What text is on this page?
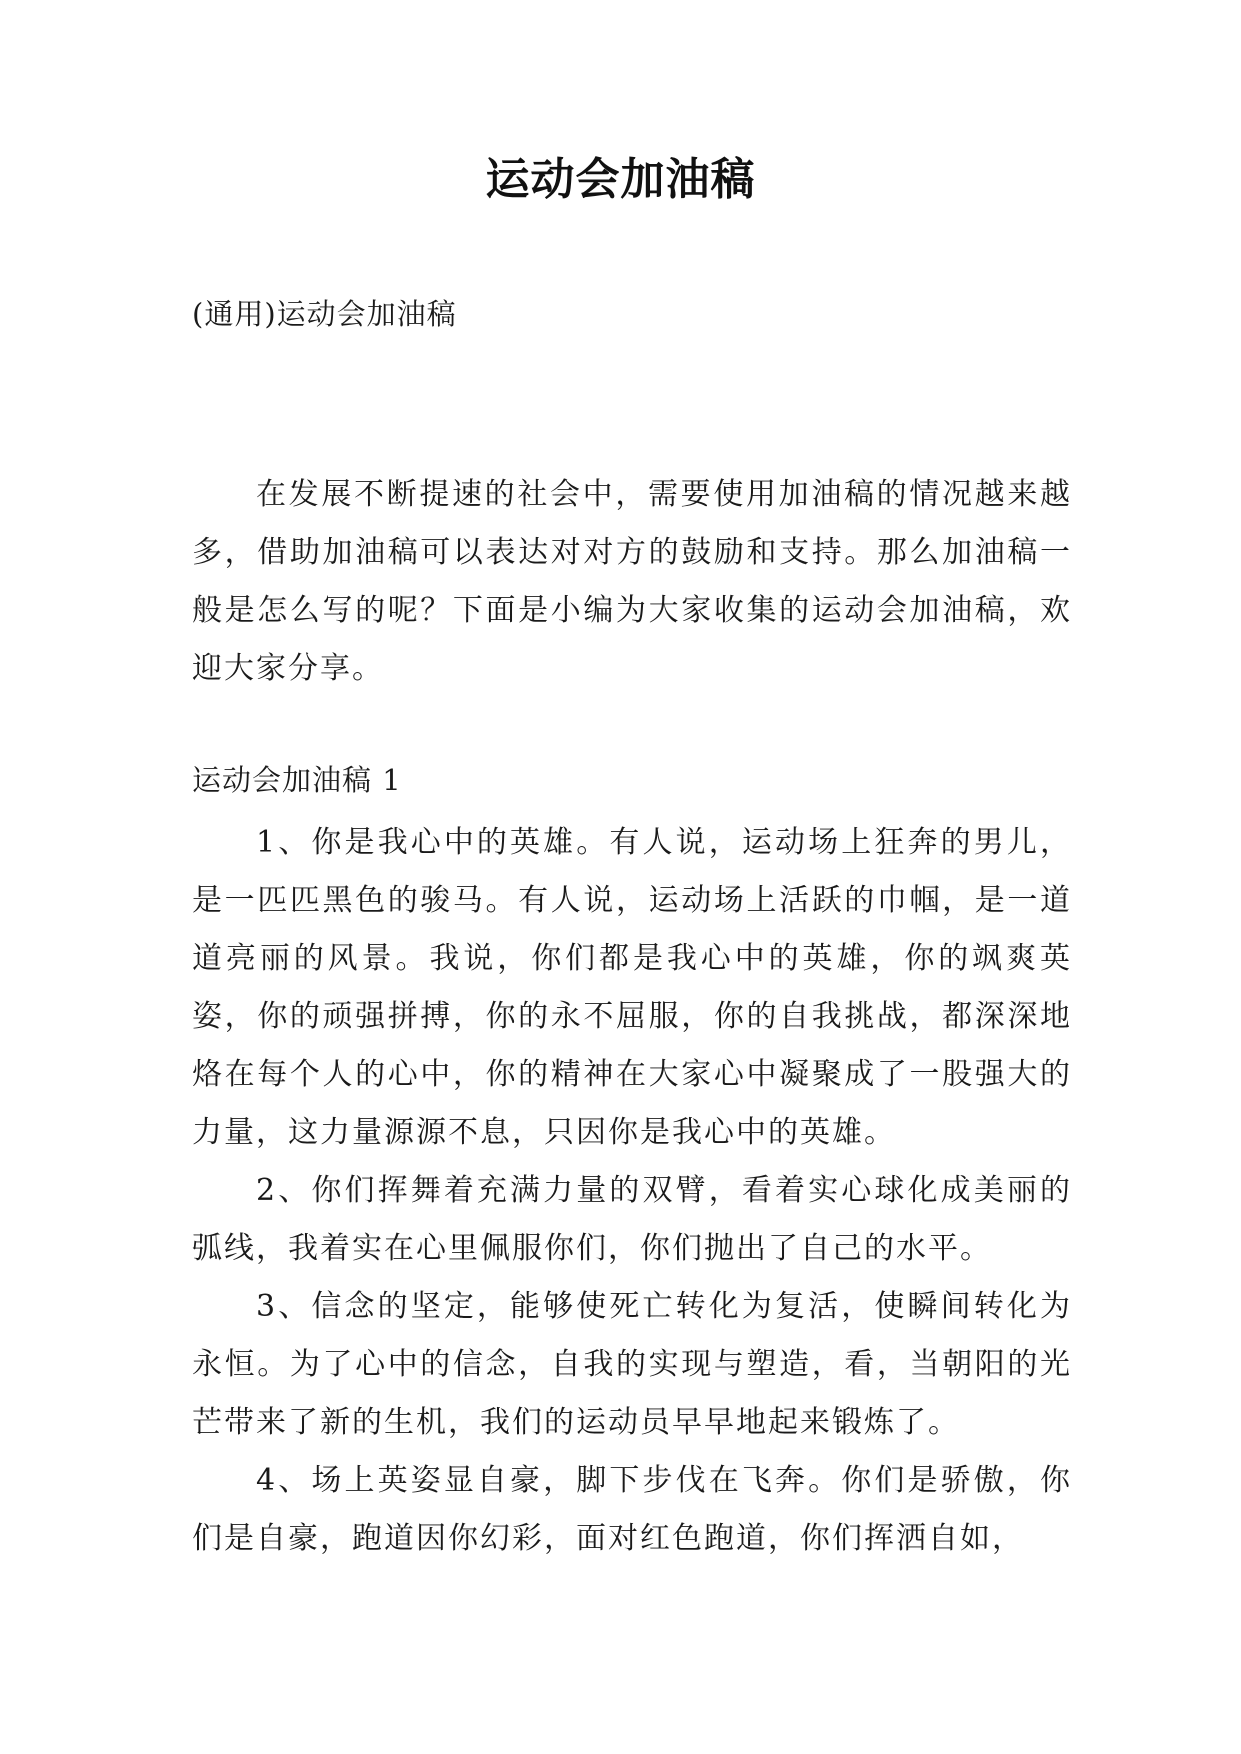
运动会加油稿
(通用)运动会加油稿

在发展不断提速的社会中，需要使用加油稿的情况越来越多，借助加油稿可以表达对对方的鼓励和支持。那么加油稿一般是怎么写的呢？下面是小编为大家收集的运动会加油稿，欢迎大家分享。

运动会加油稿 1

1、你是我心中的英雄。有人说，运动场上狂奔的男儿，是一匹匹黑色的骏马。有人说，运动场上活跃的巾帼，是一道道亮丽的风景。我说，你们都是我心中的英雄，你的飒爽英姿，你的顽强拼搏，你的永不屈服，你的自我挑战，都深深地烙在每个人的心中，你的精神在大家心中凝聚成了一股强大的力量，这力量源源不息，只因你是我心中的英雄。

2、你们挥舞着充满力量的双臂，看着实心球化成美丽的弧线，我着实在心里佩服你们，你们抛出了自己的水平。

3、信念的坚定，能够使死亡转化为复活，使瞬间转化为永恒。为了心中的信念，自我的实现与塑造，看，当朝阳的光芒带来了新的生机，我们的运动员早早地起来锻炼了。

4、场上英姿显自豪，脚下步伐在飞奔。你们是骄傲，你们是自豪，跑道因你幻彩，面对红色跑道，你们挥洒自如，
